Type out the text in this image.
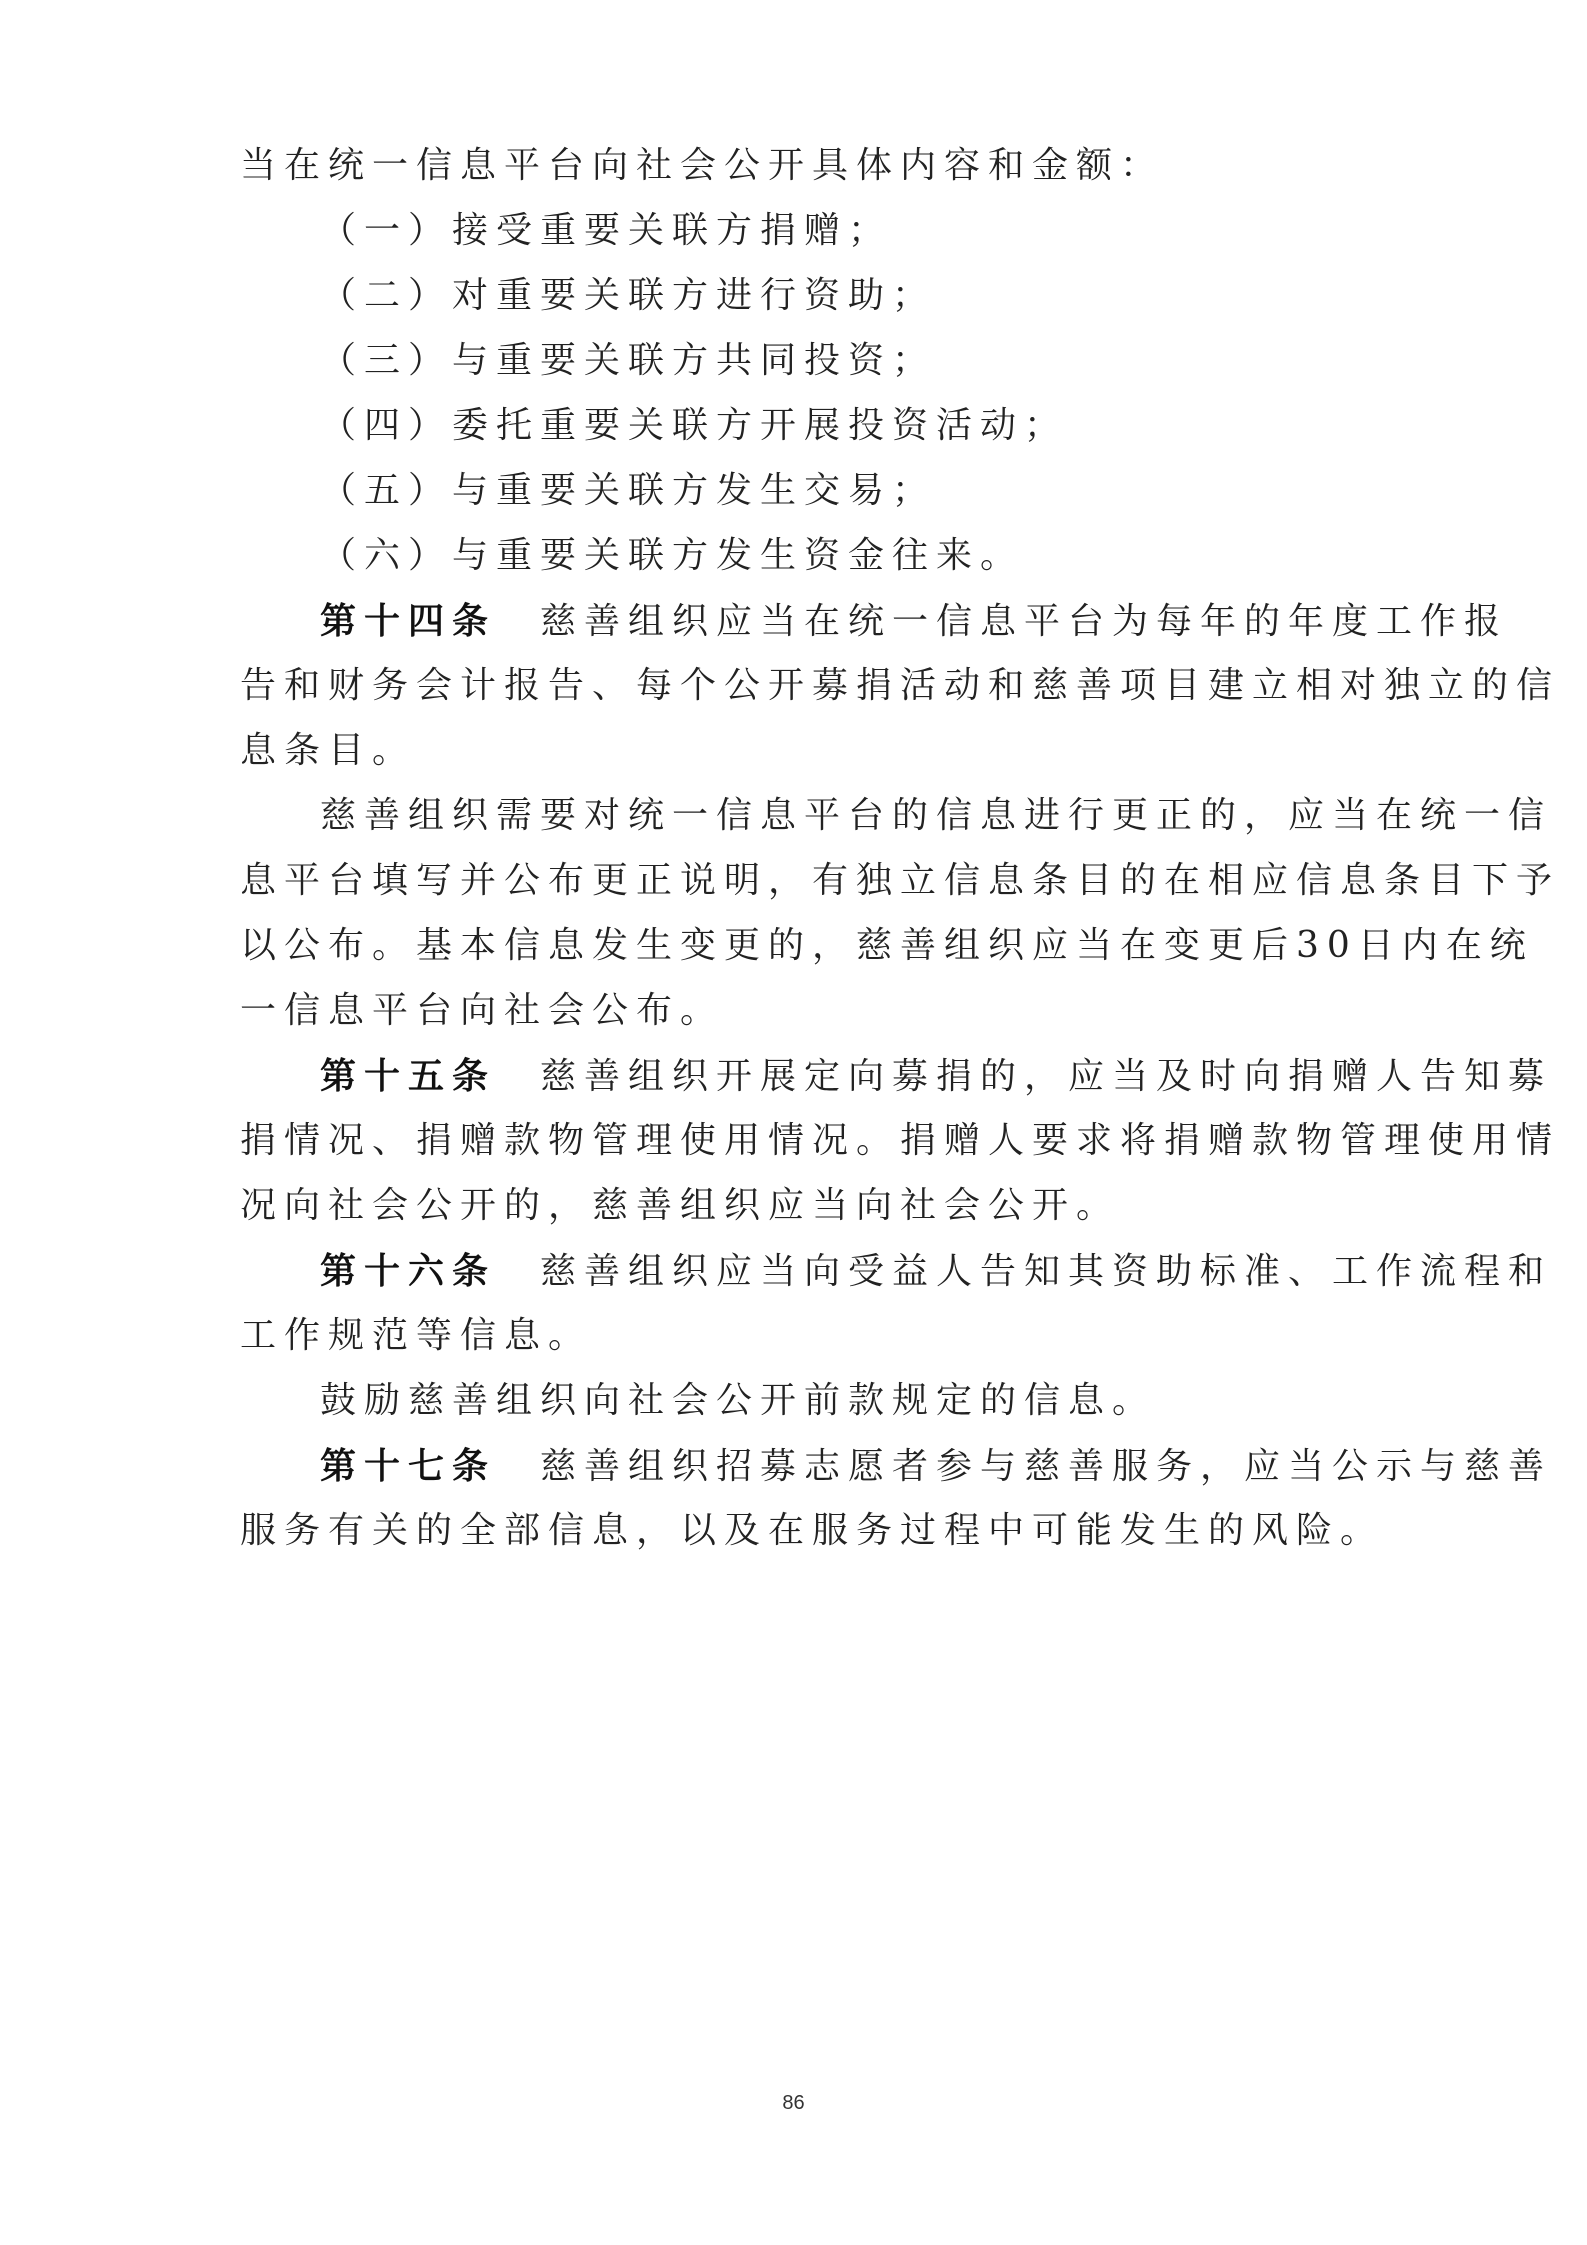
当在统一信息平台向社会公开具体内容和金额：
（一）接受重要关联方捐赠；
（二）对重要关联方进行资助；
（三）与重要关联方共同投资；
（四）委托重要关联方开展投资活动；
（五）与重要关联方发生交易；
（六）与重要关联方发生资金往来。
第十四条 慈善组织应当在统一信息平台为每年的年度工作报
告和财务会计报告、每个公开募捐活动和慈善项目建立相对独立的信
息条目。
慈善组织需要对统一信息平台的信息进行更正的，应当在统一信
息平台填写并公布更正说明，有独立信息条目的在相应信息条目下予
以公布。基本信息发生变更的，慈善组织应当在变更后30日内在统
一信息平台向社会公布。
第十五条 慈善组织开展定向募捐的，应当及时向捐赠人告知募
捐情况、捐赠款物管理使用情况。捐赠人要求将捐赠款物管理使用情
况向社会公开的，慈善组织应当向社会公开。
第十六条 慈善组织应当向受益人告知其资助标准、工作流程和
工作规范等信息。
鼓励慈善组织向社会公开前款规定的信息。
第十七条 慈善组织招募志愿者参与慈善服务，应当公示与慈善
服务有关的全部信息，以及在服务过程中可能发生的风险。
86
